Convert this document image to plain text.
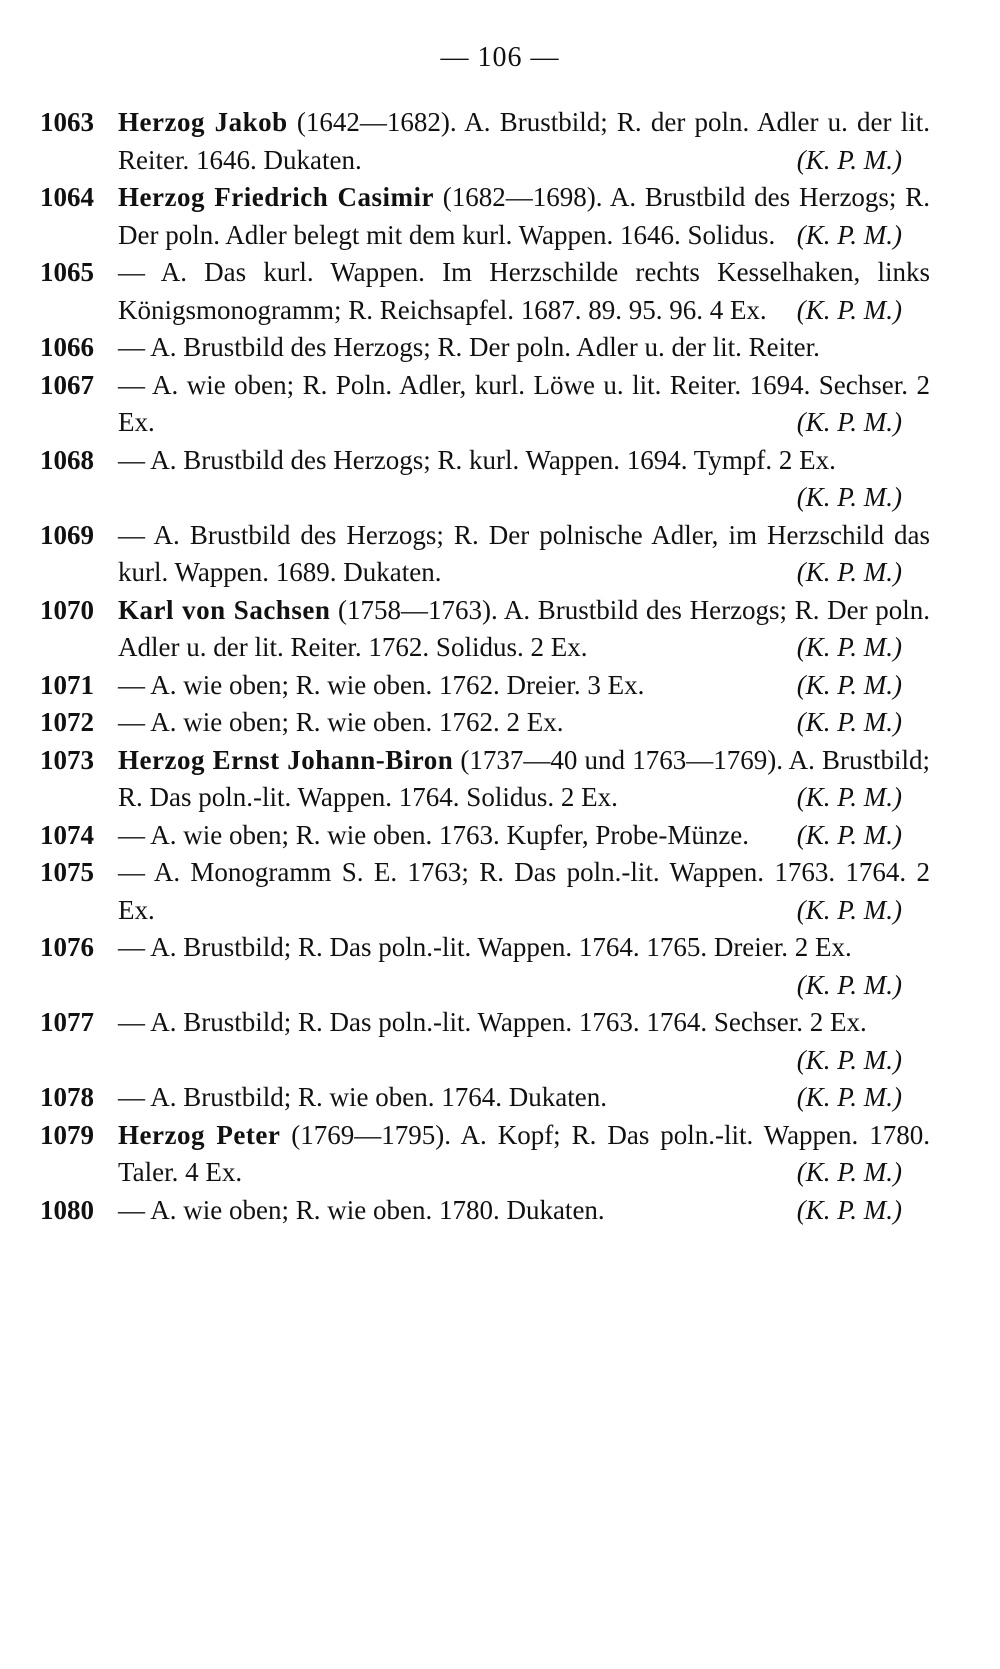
— 106 —
1063 Herzog Jakob (1642—1682). A. Brustbild; R. der poln. Adler u. der lit. Reiter. 1646. Dukaten.	(K. P. M.)
1064 Herzog Friedrich Casimir (1682—1698). A. Brustbild des Herzogs; R. Der poln. Adler belegt mit dem kurl. Wappen. 1646. Solidus. (K. P. M.)
1065 — A. Das kurl. Wappen. Im Herzschilde rechts Kesselhaken, links Königsmonogramm; R. Reichsapfel. 1687. 89. 95. 96. 4 Ex. (K. P. M.)
1066 — A. Brustbild des Herzogs; R. Der poln. Adler u. der lit. Reiter.
1067 — A. wie oben; R. Poln. Adler, kurl. Löwe u. lit. Reiter. 1694. Sechser. 2 Ex.	(K. P. M.)
1068 — A. Brustbild des Herzogs; R. kurl. Wappen. 1694. Tympf. 2 Ex.
(K. P. M.)
1069 — A. Brustbild des Herzogs; R. Der polnische Adler, im Herzschild das kurl. Wappen. 1689. Dukaten.	(K. P. M.)
1070 Karl von Sachsen (1758—1763). A. Brustbild des Herzogs; R. Der poln. Adler u. der lit. Reiter. 1762. Solidus. 2 Ex.	(K. P. M.)
1071 — A. wie oben; R. wie oben. 1762. Dreier. 3 Ex.	(K. P. M.)
1072 — A. wie oben; R. wie oben. 1762. 2 Ex.	(K. P. M.)
1073 Herzog Ernst Johann-Biron (1737—40 und 1763—1769). A. Brustbild; R. Das poln.-lit. Wappen. 1764. Solidus. 2 Ex.	(K. P. M.)
1074 — A. wie oben; R. wie oben. 1763. Kupfer, Probe-Münze. (K. P. M.)
1075 — A. Monogramm S. E. 1763; R. Das poln.-lit. Wappen. 1763. 1764. 2 Ex.	(K. P. M.)
1076 — A. Brustbild; R. Das poln.-lit. Wappen. 1764. 1765. Dreier. 2 Ex.
(K. P. M.)
1077 — A. Brustbild; R. Das poln.-lit. Wappen. 1763. 1764. Sechser. 2 Ex.
(K. P. M.)
1078 — A. Brustbild; R. wie oben. 1764. Dukaten.	(K. P. M.)
1079 Herzog Peter (1769—1795). A. Kopf; R. Das poln.-lit. Wappen. 1780. Taler. 4 Ex.	(K. P. M.)
1080 — A. wie oben; R. wie oben. 1780. Dukaten.	(K. P. M.)
